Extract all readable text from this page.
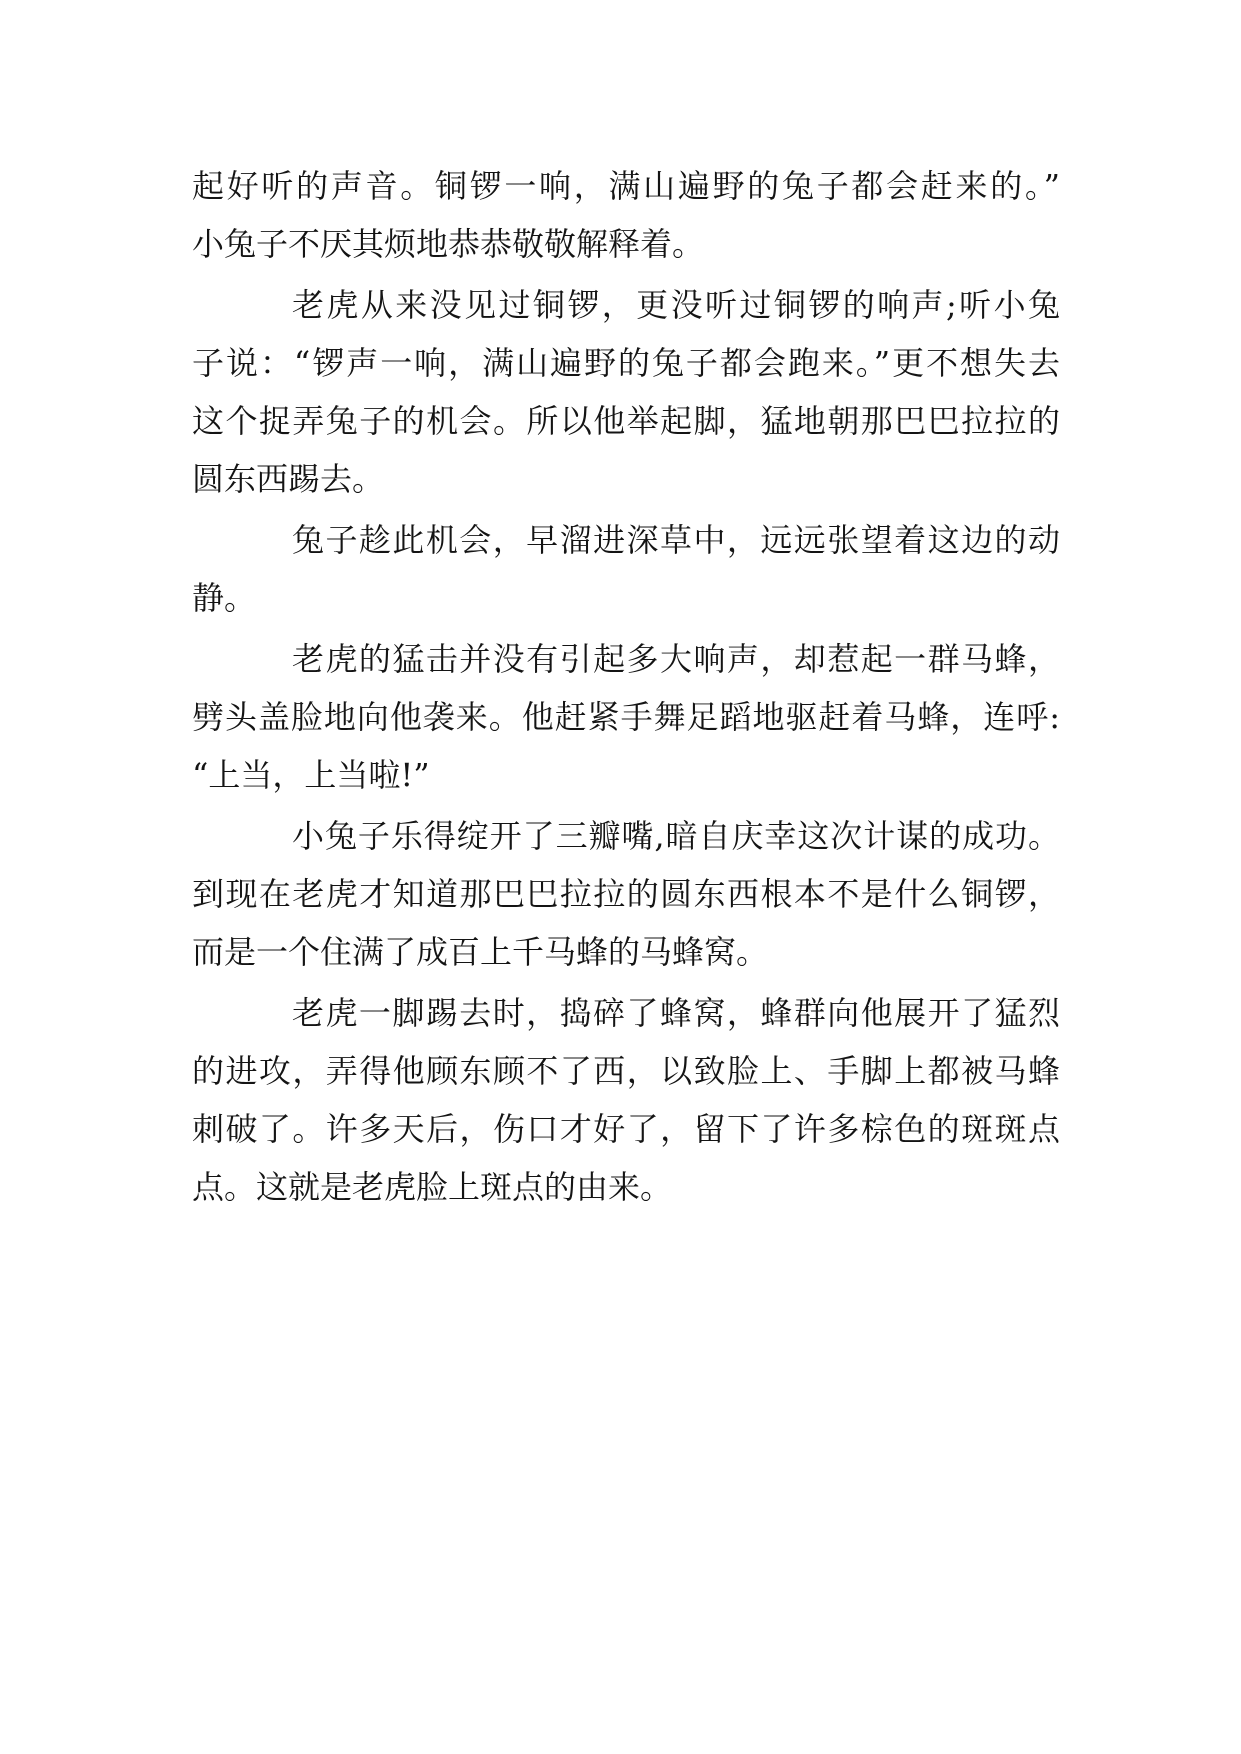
起好听的声音。铜锣一响，满山遍野的兔子都会赶来的。”
小兔子不厌其烦地恭恭敬敬解释着。
老虎从来没见过铜锣，更没听过铜锣的响声;听小兔
子说：“锣声一响，满山遍野的兔子都会跑来。”更不想失去
这个捉弄兔子的机会。所以他举起脚，猛地朝那巴巴拉拉的
圆东西踢去。
兔子趁此机会，早溜进深草中，远远张望着这边的动
静。
老虎的猛击并没有引起多大响声，却惹起一群马蜂，
劈头盖脸地向他袭来。他赶紧手舞足蹈地驱赶着马蜂，连呼:
“上当，上当啦!”
小兔子乐得绽开了三瓣嘴,暗自庆幸这次计谋的成功。
到现在老虎才知道那巴巴拉拉的圆东西根本不是什么铜锣，
而是一个住满了成百上千马蜂的马蜂窝。
老虎一脚踢去时，捣碎了蜂窝，蜂群向他展开了猛烈
的进攻，弄得他顾东顾不了西，以致脸上、手脚上都被马蜂
刺破了。许多天后，伤口才好了，留下了许多棕色的斑斑点
点。这就是老虎脸上斑点的由来。
